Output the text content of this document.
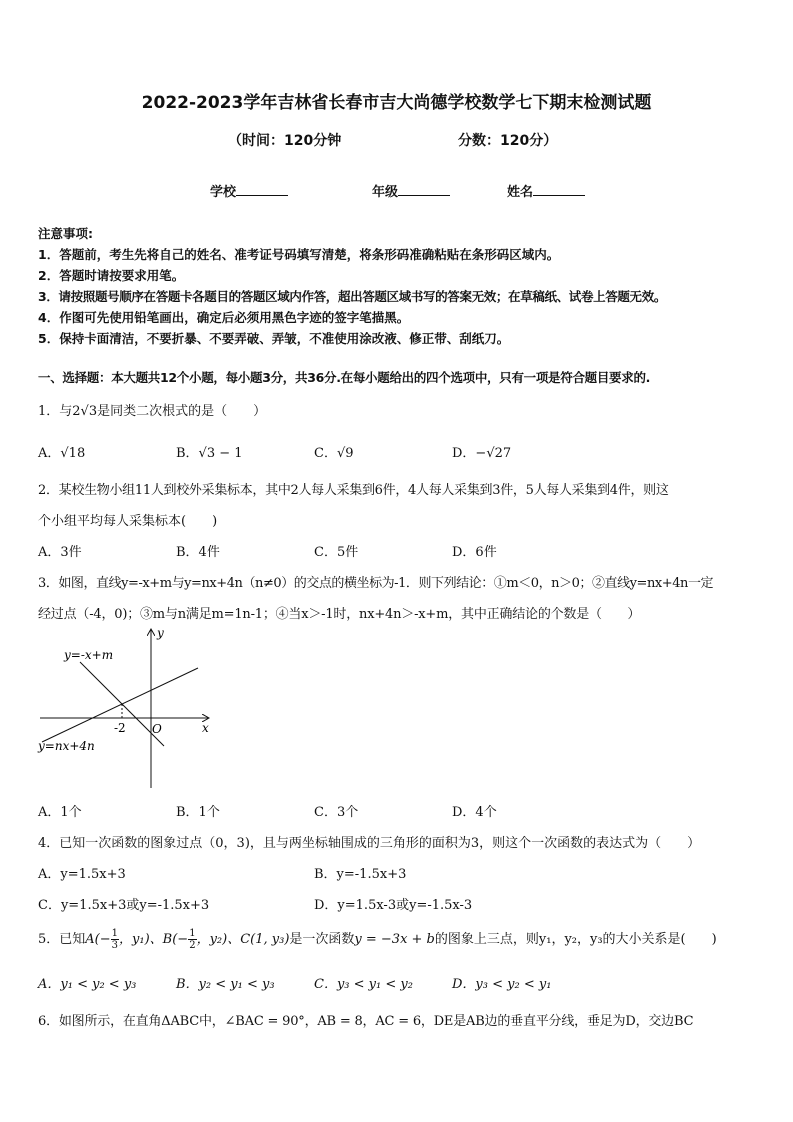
2022-2023学年吉林省长春市吉大尚德学校数学七下期末检测试题
（时间：120分钟	分数：120分）
学校	年级	姓名
注意事项:
1．答题前，考生先将自己的姓名、准考证号码填写清楚，将条形码准确粘贴在条形码区域内。
2．答题时请按要求用笔。
3．请按照题号顺序在答题卡各题目的答题区域内作答，超出答题区域书写的答案无效；在草稿纸、试卷上答题无效。
4．作图可先使用铅笔画出，确定后必须用黑色字迹的签字笔描黑。
5．保持卡面清洁，不要折暴、不要弄破、弄皱，不准使用涂改液、修正带、刮纸刀。
一、选择题：本大题共12个小题，每小题3分，共36分.在每小题给出的四个选项中，只有一项是符合题目要求的.
1．与2√3是同类二次根式的是（　　）
A．√18	B．√3 − 1	C．√9	D．−√27
2．某校生物小组11人到校外采集标本，其中2人每人采集到6件，4人每人采集到3件，5人每人采集到4件，则这
个小组平均每人采集标本(　　)
A．3件	B．4件	C．5件	D．6件
3．如图，直线y=-x+m与y=nx+4n（n≠0）的交点的横坐标为-1．则下列结论：①m＜0，n＞0；②直线y=nx+4n一定
经过点（-4，0)；③m与n满足m=1n-1；④当x＞-1时，nx+4n＞-x+m，其中正确结论的个数是（　　）
y=-x+m
y=nx+4n
-2 O	x
y
A．1个	B．1个	C．3个	D．4个
4．已知一次函数的图象过点（0，3)，且与两坐标轴围成的三角形的面积为3，则这个一次函数的表达式为（　　）
A．y=1.5x+3	B．y=-1.5x+3
C．y=1.5x+3或y=-1.5x+3	D．y=1.5x-3或y=-1.5x-3
5．已知$A(- \frac{1}{3}$ ，y₁)、$B(- \frac{1}{2}$ ，y₂)、C(1, y₃)是一次函数y = −3x + b的图象上三点，则y₁，y₂，y₃的大小关系是(　　)
A．y₁ < y₂ < y₃	B．y₂ < y₁ < y₃	C．y₃ < y₁ < y₂	D．y₃ < y₂ < y₁
6．如图所示，在直角ΔABC中，∠BAC = 90°，AB = 8，AC = 6，DE是AB边的垂直平分线，垂足为D，交边BC
